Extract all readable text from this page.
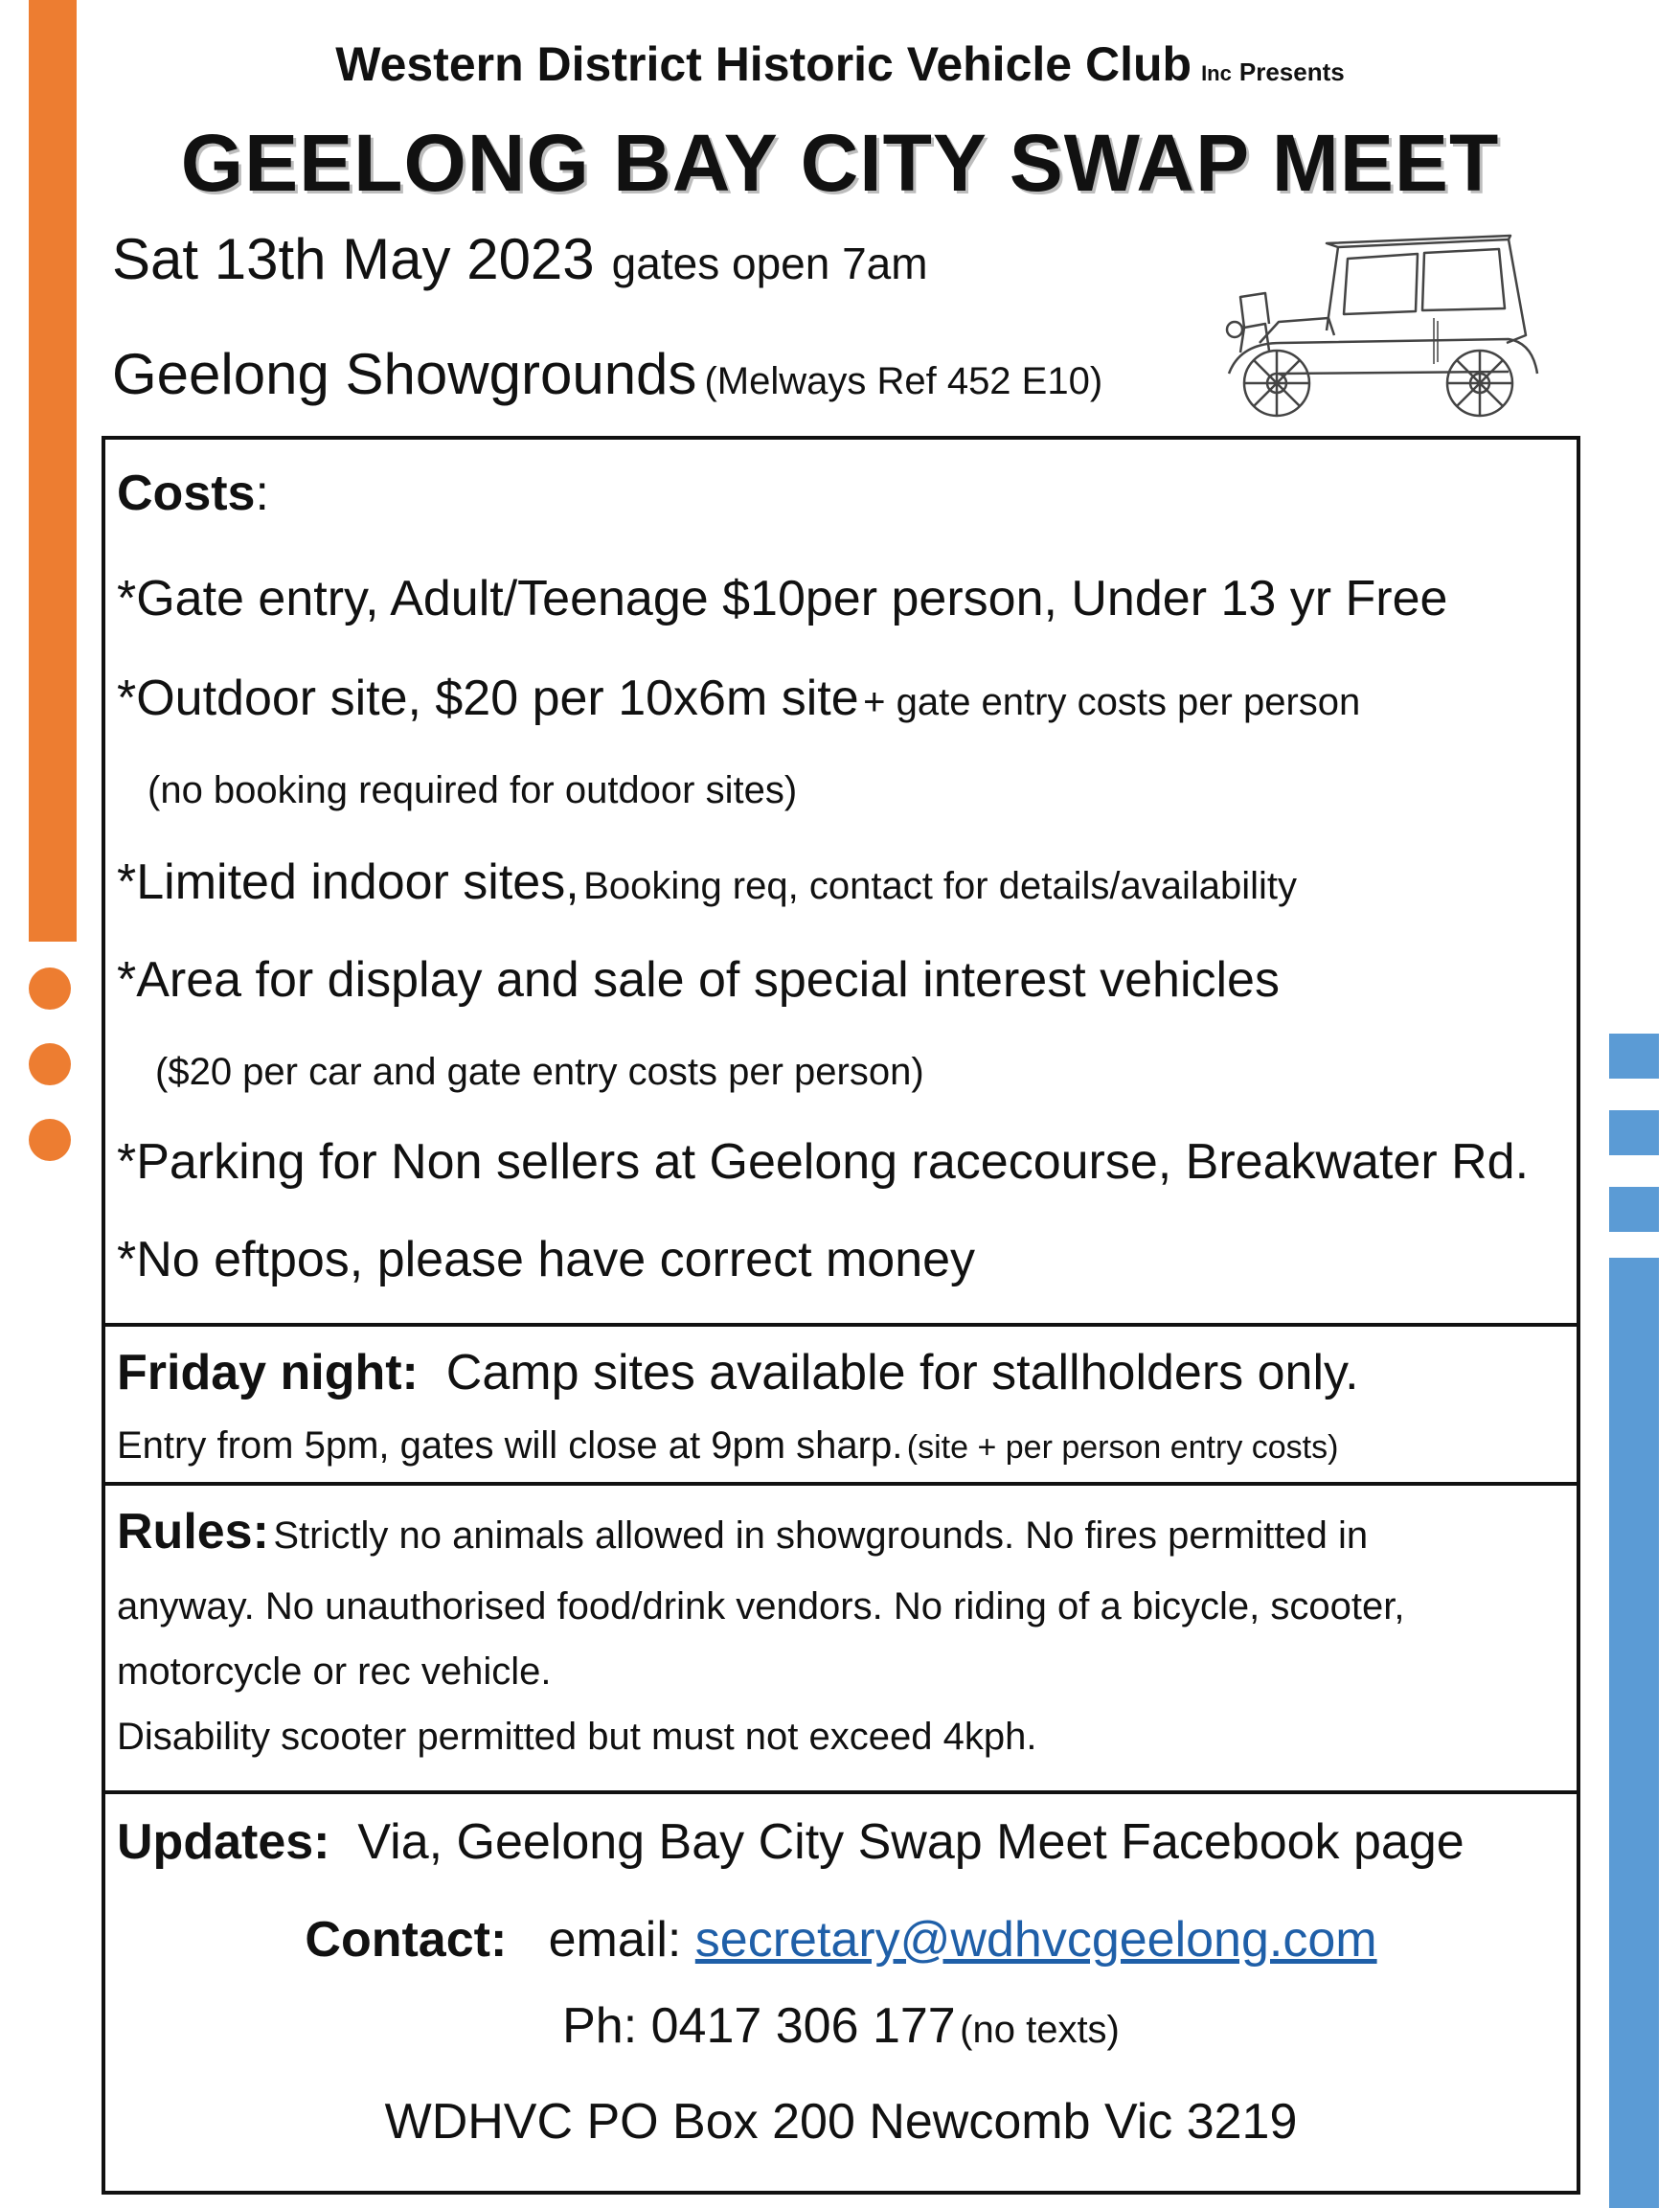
Western District Historic Vehicle Club Inc Presents
GEELONG BAY CITY SWAP MEET
Sat 13th May 2023 gates open 7am
Geelong Showgrounds (Melways Ref 452 E10)
Costs:
*Gate entry, Adult/Teenage $10per person, Under 13 yr Free
*Outdoor site, $20 per 10x6m site + gate entry costs per person
(no booking required for outdoor sites)
*Limited indoor sites, Booking req, contact for details/availability
*Area for display and sale of special interest vehicles
($20 per car and gate entry costs per person)
*Parking for Non sellers at Geelong racecourse, Breakwater Rd.
*No eftpos, please have correct money
Friday night: Camp sites available for stallholders only.
Entry from 5pm, gates will close at 9pm sharp. (site + per person entry costs)
Rules: Strictly no animals allowed in showgrounds. No fires permitted in
anyway. No unauthorised food/drink vendors. No riding of a bicycle, scooter,
motorcycle or rec vehicle.
Disability scooter permitted but must not exceed 4kph.
Updates: Via, Geelong Bay City Swap Meet Facebook page
Contact: email: secretary@wdhvcgeelong.com
Ph: 0417 306 177 (no texts)
WDHVC PO Box 200 Newcomb Vic 3219
